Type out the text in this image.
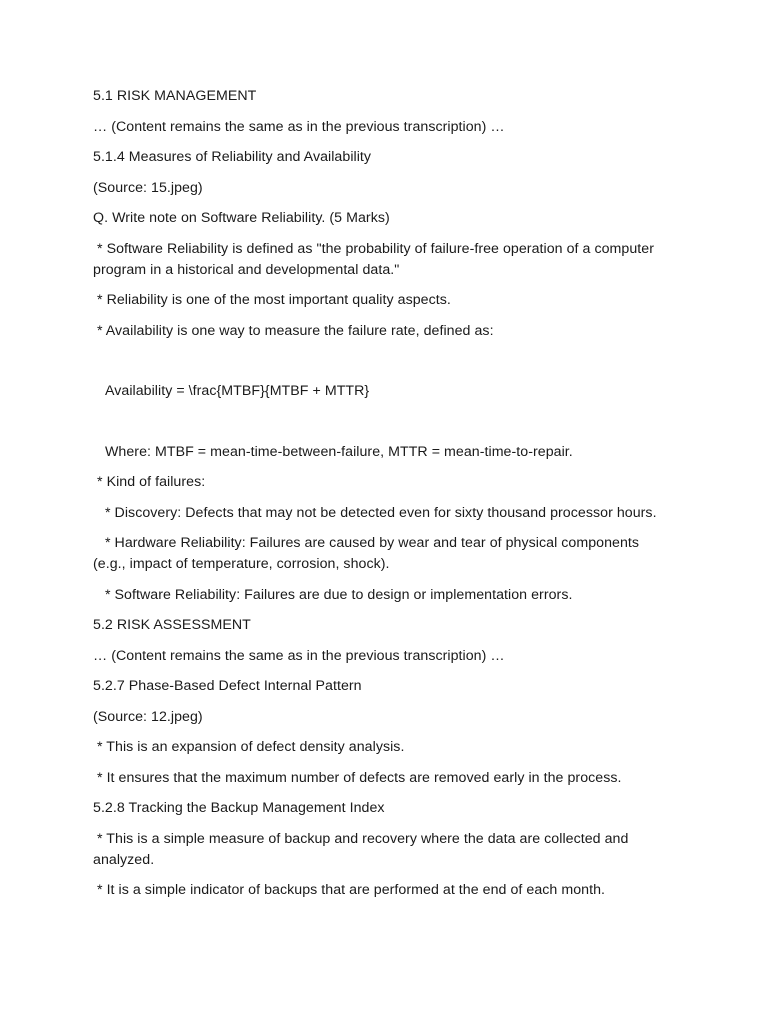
5.1 RISK MANAGEMENT

… (Content remains the same as in the previous transcription) …

5.1.4 Measures of Reliability and Availability

(Source: 15.jpeg)

Q. Write note on Software Reliability. (5 Marks)

* Software Reliability is defined as "the probability of failure-free operation of a computer program in a historical and developmental data."

* Reliability is one of the most important quality aspects.

* Availability is one way to measure the failure rate, defined as:

Availability = \frac{MTBF}{MTBF + MTTR}

Where: MTBF = mean-time-between-failure, MTTR = mean-time-to-repair.

* Kind of failures:

* Discovery: Defects that may not be detected even for sixty thousand processor hours.

* Hardware Reliability: Failures are caused by wear and tear of physical components (e.g., impact of temperature, corrosion, shock).

* Software Reliability: Failures are due to design or implementation errors.

5.2 RISK ASSESSMENT

… (Content remains the same as in the previous transcription) …

5.2.7 Phase-Based Defect Internal Pattern

(Source: 12.jpeg)

* This is an expansion of defect density analysis.

* It ensures that the maximum number of defects are removed early in the process.

5.2.8 Tracking the Backup Management Index

* This is a simple measure of backup and recovery where the data are collected and analyzed.

* It is a simple indicator of backups that are performed at the end of each month.
